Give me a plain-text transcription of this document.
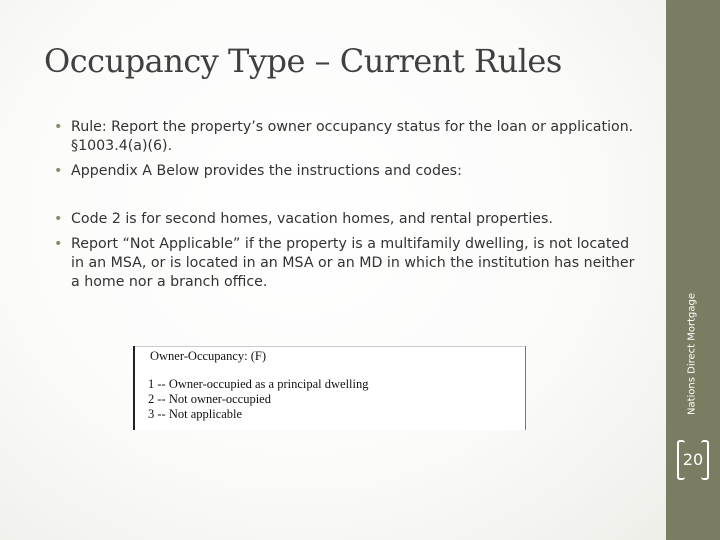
Occupancy Type – Current Rules
• Rule: Report the property’s owner occupancy status for the loan or application. §1003.4(a)(6).
• Appendix A Below provides the instructions and codes:
• Code 2 is for second homes, vacation homes, and rental properties.
• Report “Not Applicable” if the property is a multifamily dwelling, is not located in an MSA, or is located in an MSA or an MD in which the institution has neither a home nor a branch office.
Owner-Occupancy: (F)
1 -- Owner-occupied as a principal dwelling
2 -- Not owner-occupied
3 -- Not applicable	Nations Direct Mortgage
20
